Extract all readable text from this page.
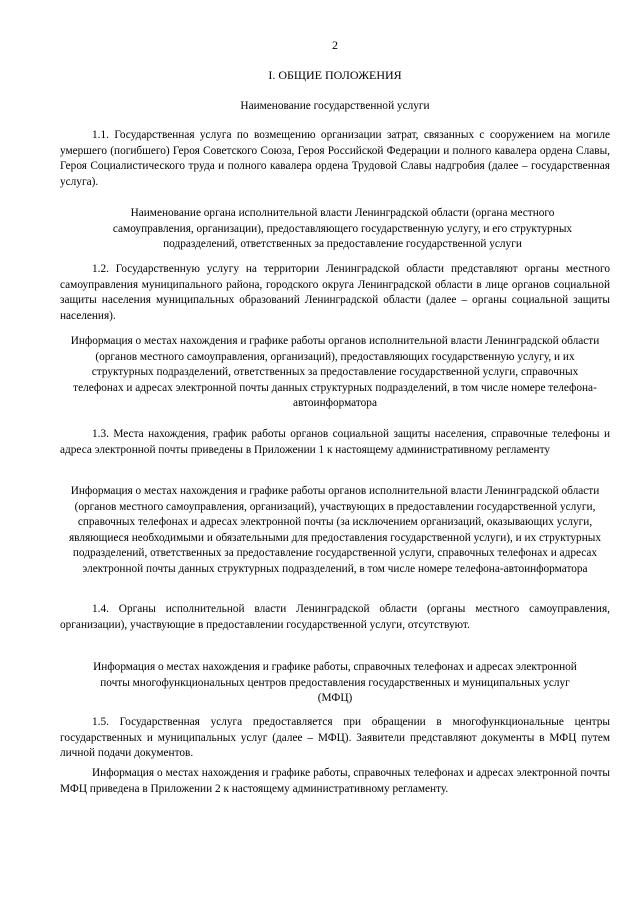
2

I. ОБЩИЕ ПОЛОЖЕНИЯ

Наименование государственной услуги

1.1. Государственная услуга по возмещению организации затрат, связанных с сооружением на могиле умершего (погибшего) Героя Советского Союза, Героя Российской Федерации и полного кавалера ордена Славы, Героя Социалистического труда и полного кавалера ордена Трудовой Славы надгробия (далее – государственная услуга).

Наименование органа исполнительной власти Ленинградской области (органа местного самоуправления, организации), предоставляющего государственную услугу, и его структурных подразделений, ответственных за предоставление государственной услуги

1.2. Государственную услугу на территории Ленинградской области представляют органы местного самоуправления муниципального района, городского округа Ленинградской области в лице органов социальной защиты населения муниципальных образований Ленинградской области (далее – органы социальной защиты населения).

Информация о местах нахождения и графике работы органов исполнительной власти Ленинградской области (органов местного самоуправления, организаций), предоставляющих государственную услугу, и их структурных подразделений, ответственных за предоставление государственной услуги, справочных телефонах и адресах электронной почты данных структурных подразделений, в том числе номере телефона-автоинформатора

1.3. Места нахождения, график работы органов социальной защиты населения, справочные телефоны и адреса электронной почты приведены в Приложении 1 к настоящему административному регламенту

Информация о местах нахождения и графике работы органов исполнительной власти Ленинградской области (органов местного самоуправления, организаций), участвующих в предоставлении государственной услуги, справочных телефонах и адресах электронной почты (за исключением организаций, оказывающих услуги, являющиеся необходимыми и обязательными для предоставления государственной услуги), и их структурных подразделений, ответственных за предоставление государственной услуги, справочных телефонах и адресах электронной почты данных структурных подразделений, в том числе номере телефона-автоинформатора

1.4. Органы исполнительной власти Ленинградской области (органы местного самоуправления, организации), участвующие в предоставлении государственной услуги, отсутствуют.

Информация о местах нахождения и графике работы, справочных телефонах и адресах электронной почты многофункциональных центров предоставления государственных и муниципальных услуг (МФЦ)

1.5. Государственная услуга предоставляется при обращении в многофункциональные центры государственных и муниципальных услуг (далее – МФЦ). Заявители представляют документы в МФЦ путем личной подачи документов.

Информация о местах нахождения и графике работы, справочных телефонах и адресах электронной почты МФЦ приведена в Приложении 2 к настоящему административному регламенту.
